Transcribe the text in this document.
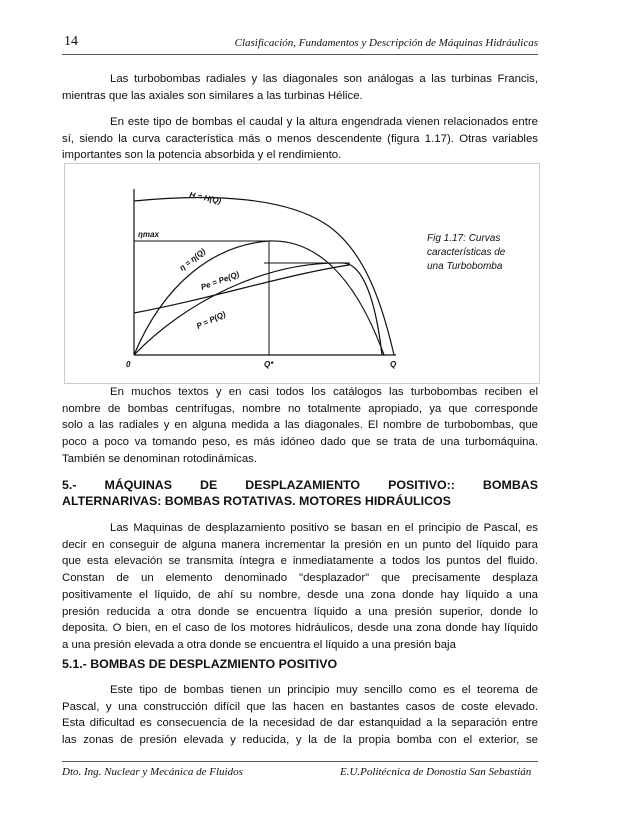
14	Clasificación, Fundamentos y Descripción de Máquinas Hidráulicas
Las turbobombas radiales y las diagonales son análogas a las turbinas Francis,
mientras que las axiales son similares a las turbinas Hélice.
En este tipo de bombas el caudal y la altura engendrada vienen relacionados entre
sí, siendo la curva característica más o menos descendente (figura 1.17). Otras variables
importantes son la potencia absorbida y el rendimiento.
H = H(Q)
ηmax
η = η(Q)
Pe = Pe(Q)
P = P(Q)
0	Q*	Q
Fig 1.17: Curvas
características de
una Turbobomba
En muchos textos y en casi todos los catálogos las turbobombas reciben el
nombre de bombas centrífugas, nombre no totalmente apropiado, ya que corresponde
solo a las radiales y en alguna medida a las diagonales. El nombre de turbobombas, que
poco a poco va tomando peso, es más idóneo dado que se trata de una turbomáquina.
También se denominan rotodinámicas.
5.- MÁQUINAS DE DESPLAZAMIENTO POSITIVO:: BOMBAS
ALTERNARIVAS: BOMBAS ROTATIVAS. MOTORES HIDRÁULICOS
Las Maquinas de desplazamiento positivo se basan en el principio de Pascal, es
decir en conseguir de alguna manera incrementar la presión en un punto del líquido para
que esta elevación se transmita íntegra e inmediatamente a todos los puntos del fluido.
Constan de un elemento denominado "desplazador" que precisamente desplaza
positivamente el líquido, de ahí su nombre, desde una zona donde hay líquido a una
presión reducida a otra donde se encuentra líquido a una presión superior, donde lo
deposita. O bien, en el caso de los motores hidráulicos, desde una zona donde hay líquido
a una presión elevada a otra donde se encuentra el líquido a una presión baja
5.1.- BOMBAS DE DESPLAZMIENTO POSITIVO
Este tipo de bombas tienen un principio muy sencillo como es el teorema de
Pascal, y una construcción difícil que las hacen en bastantes casos de coste elevado.
Esta dificultad es consecuencia de la necesidad de dar estanquidad a la separación entre
las zonas de presión elevada y reducida, y la de la propia bomba con el exterior, se
Dto. Ing. Nuclear y Mecánica de Fluidos	E.U.Politécnica de Donostia San Sebastián
